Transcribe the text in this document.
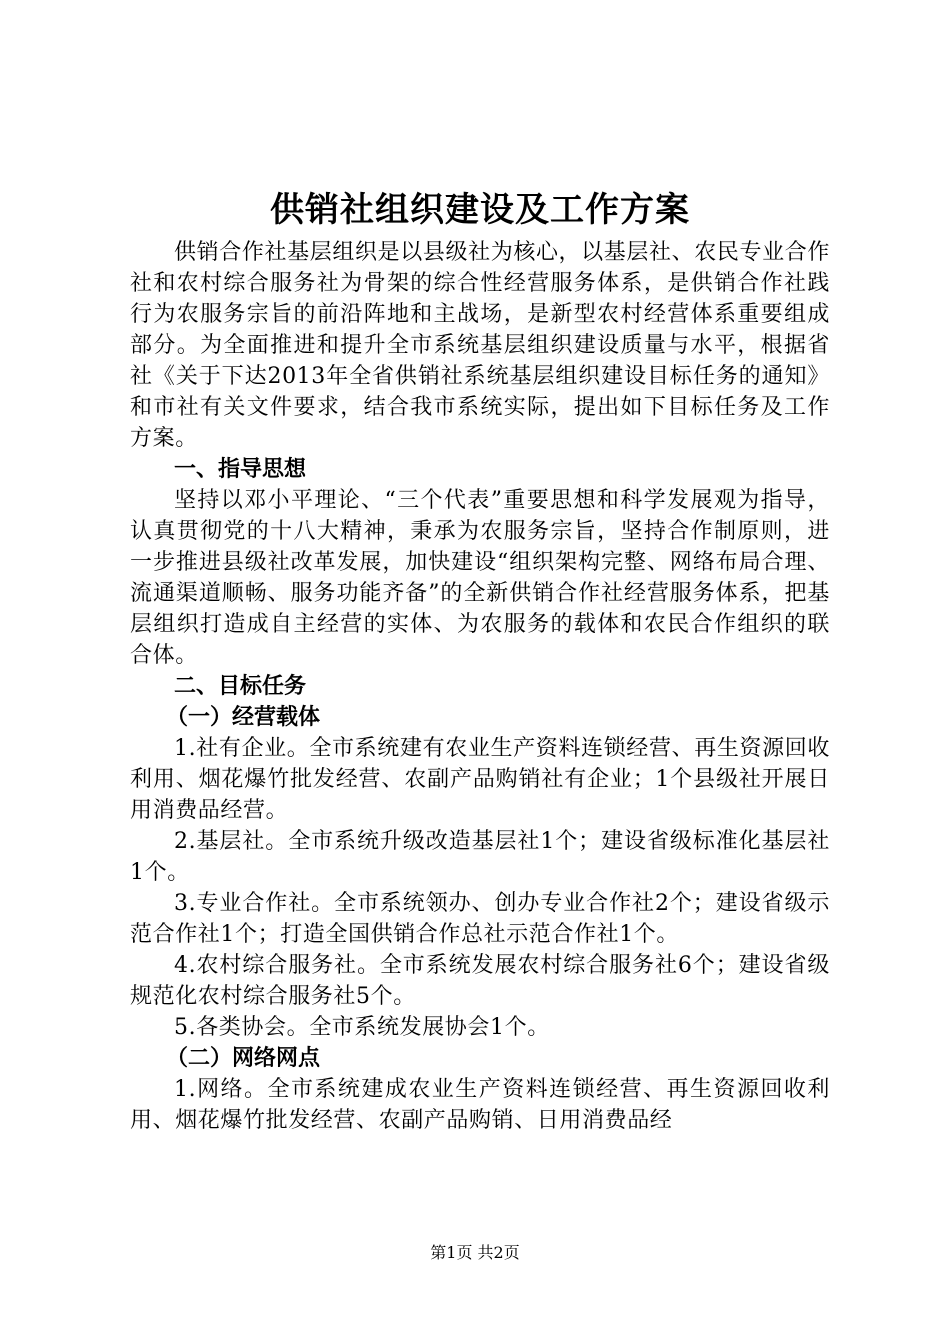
供销社组织建设及工作方案

供销合作社基层组织是以县级社为核心，以基层社、农民专业合作社和农村综合服务社为骨架的综合性经营服务体系，是供销合作社践行为农服务宗旨的前沿阵地和主战场，是新型农村经营体系重要组成部分。为全面推进和提升全市系统基层组织建设质量与水平，根据省社《关于下达2013年全省供销社系统基层组织建设目标任务的通知》和市社有关文件要求，结合我市系统实际，提出如下目标任务及工作方案。

一、指导思想

坚持以邓小平理论、“三个代表”重要思想和科学发展观为指导，认真贯彻党的十八大精神，秉承为农服务宗旨，坚持合作制原则，进一步推进县级社改革发展，加快建设“组织架构完整、网络布局合理、流通渠道顺畅、服务功能齐备”的全新供销合作社经营服务体系，把基层组织打造成自主经营的实体、为农服务的载体和农民合作组织的联合体。

二、目标任务

（一）经营载体

1.社有企业。全市系统建有农业生产资料连锁经营、再生资源回收利用、烟花爆竹批发经营、农副产品购销社有企业；1个县级社开展日用消费品经营。

2.基层社。全市系统升级改造基层社1个；建设省级标准化基层社1个。

3.专业合作社。全市系统领办、创办专业合作社2个；建设省级示范合作社1个；打造全国供销合作总社示范合作社1个。

4.农村综合服务社。全市系统发展农村综合服务社6个；建设省级规范化农村综合服务社5个。

5.各类协会。全市系统发展协会1个。

（二）网络网点

1.网络。全市系统建成农业生产资料连锁经营、再生资源回收利用、烟花爆竹批发经营、农副产品购销、日用消费品经

第1页 共2页
